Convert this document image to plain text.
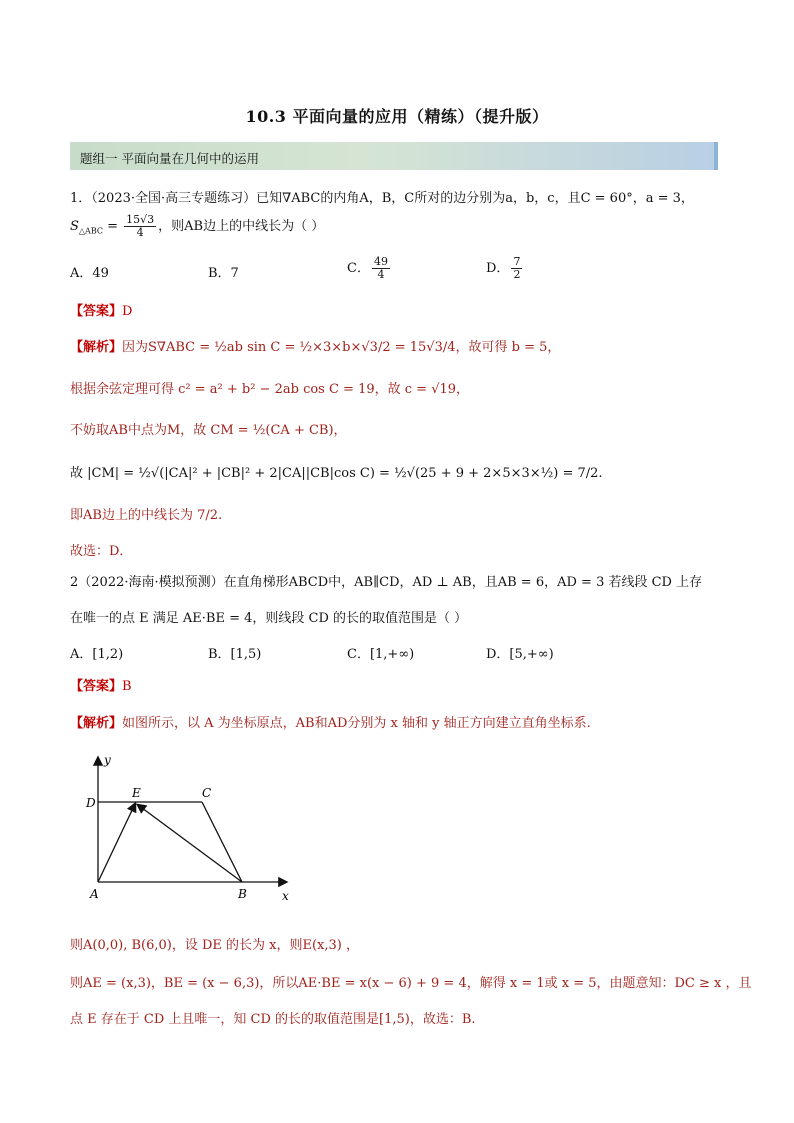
10.3 平面向量的应用（精练）（提升版）
题组一 平面向量在几何中的运用
1．（2023·全国·高三专题练习）已知∇ABC的内角A，B，C所对的边分别为a，b，c，且C = 60°，a = 3，
$S_{\triangle ABC} = \frac{15√3}{4}$ ，则AB边上的中线长为（ ）
A．49	B．7	C． $\frac{49}{4}$	D． $\frac{7}{2}$
【答案】D
【解析】因为S∇ABC = ½ab sin C = ½×3×b×√3/2 = 15√3/4，故可得 b = 5，
根据余弦定理可得 c² = a² + b² − 2ab cos C = 19，故 c = √19，
不妨取AB中点为M，故 CM = ½(CA + CB)，
故 |CM| = ½√(|CA|² + |CB|² + 2|CA||CB|cos C) = ½√(25 + 9 + 2×5×3×½) = 7/2.
即AB边上的中线长为 7/2.
故选：D．
2（2022·海南·模拟预测）在直角梯形ABCD中，AB∥CD，AD ⊥ AB，且AB = 6，AD = 3 若线段 CD 上存
在唯一的点 E 满足 AE·BE = 4，则线段 CD 的长的取值范围是（ ）
A．[1,2)	B．[1,5)	C．[1,+∞)	D．[5,+∞)
【答案】B
【解析】如图所示，以 A 为坐标原点，AB和AD分别为 x 轴和 y 轴正方向建立直角坐标系.
y
x
D
E	C
A	B
则A(0,0), B(6,0)，设 DE 的长为 x，则E(x,3) ，
则AE = (x,3)，BE = (x − 6,3)，所以AE·BE = x(x − 6) + 9 = 4，解得 x = 1或 x = 5，由题意知：DC ≥ x ，且
点 E 存在于 CD 上且唯一，知 CD 的长的取值范围是[1,5)，故选：B.
